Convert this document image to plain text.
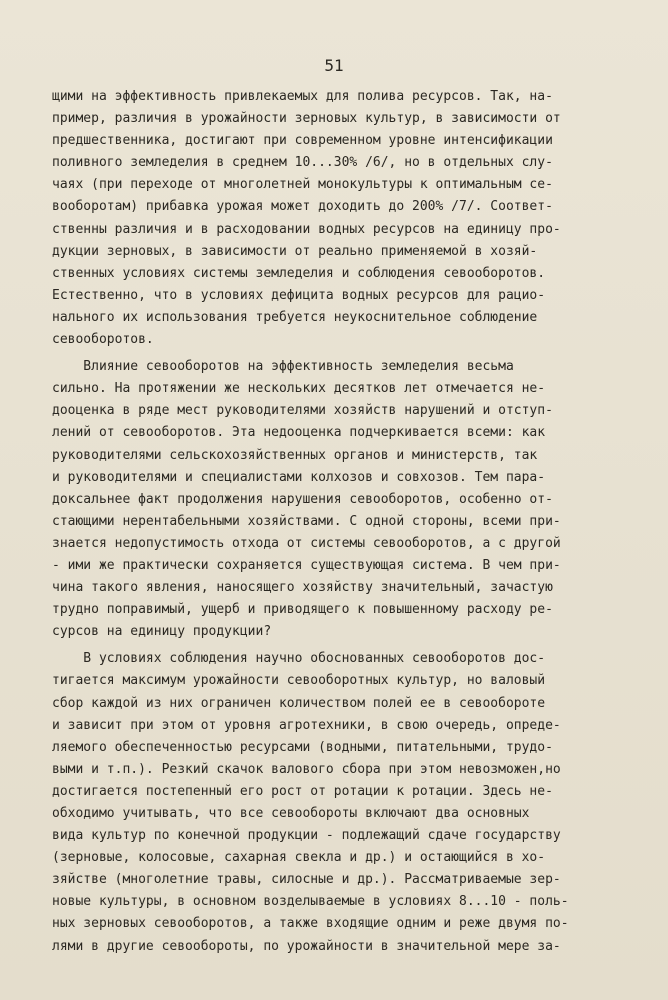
51
щими на эффективность привлекаемых для полива ресурсов. Так, на-
пример, различия в урожайности зерновых культур, в зависимости от
предшественника, достигают при современном уровне интенсификации
поливного земледелия в среднем 10...30% /6/, но в отдельных слу-
чаях (при переходе от многолетней монокультуры к оптимальным се-
вооборотам) прибавка урожая может доходить до 200% /7/. Соответ-
ственны различия и в расходовании водных ресурсов на единицу про-
дукции зерновых, в зависимости от реально применяемой в хозяй-
ственных условиях системы земледелия и соблюдения севооборотов.
Естественно, что в условиях дефицита водных ресурсов для рацио-
нального их использования требуется неукоснительное соблюдение
севооборотов.
Влияние севооборотов на эффективность земледелия весьма
сильно. На протяжении же нескольких десятков лет отмечается не-
дооценка в ряде мест руководителями хозяйств нарушений и отступ-
лений от севооборотов. Эта недооценка подчеркивается всеми: как
руководителями сельскохозяйственных органов и министерств, так
и руководителями и специалистами колхозов и совхозов. Тем пара-
доксальнее факт продолжения нарушения севооборотов, особенно от-
стающими нерентабельными хозяйствами. С одной стороны, всеми при-
знается недопустимость отхода от системы севооборотов, а с другой
- ими же практически сохраняется существующая система. В чем при-
чина такого явления, наносящего хозяйству значительный, зачастую
трудно поправимый, ущерб и приводящего к повышенному расходу ре-
сурсов на единицу продукции?
В условиях соблюдения научно обоснованных севооборотов дос-
тигается максимум урожайности севооборотных культур, но валовый
сбор каждой из них ограничен количеством полей ее в севообороте
и зависит при этом от уровня агротехники, в свою очередь, опреде-
ляемого обеспеченностью ресурсами (водными, питательными, трудо-
выми и т.п.). Резкий скачок валового сбора при этом невозможен,но
достигается постепенный его рост от ротации к ротации. Здесь не-
обходимо учитывать, что все севообороты включают два основных
вида культур по конечной продукции - подлежащий сдаче государству
(зерновые, колосовые, сахарная свекла и др.) и остающийся в хо-
зяйстве (многолетние травы, силосные и др.). Рассматриваемые зер-
новые культуры, в основном возделываемые в условиях 8...10 - поль-
ных зерновых севооборотов, а также входящие одним и реже двумя по-
лями в другие севообороты, по урожайности в значительной мере за-
